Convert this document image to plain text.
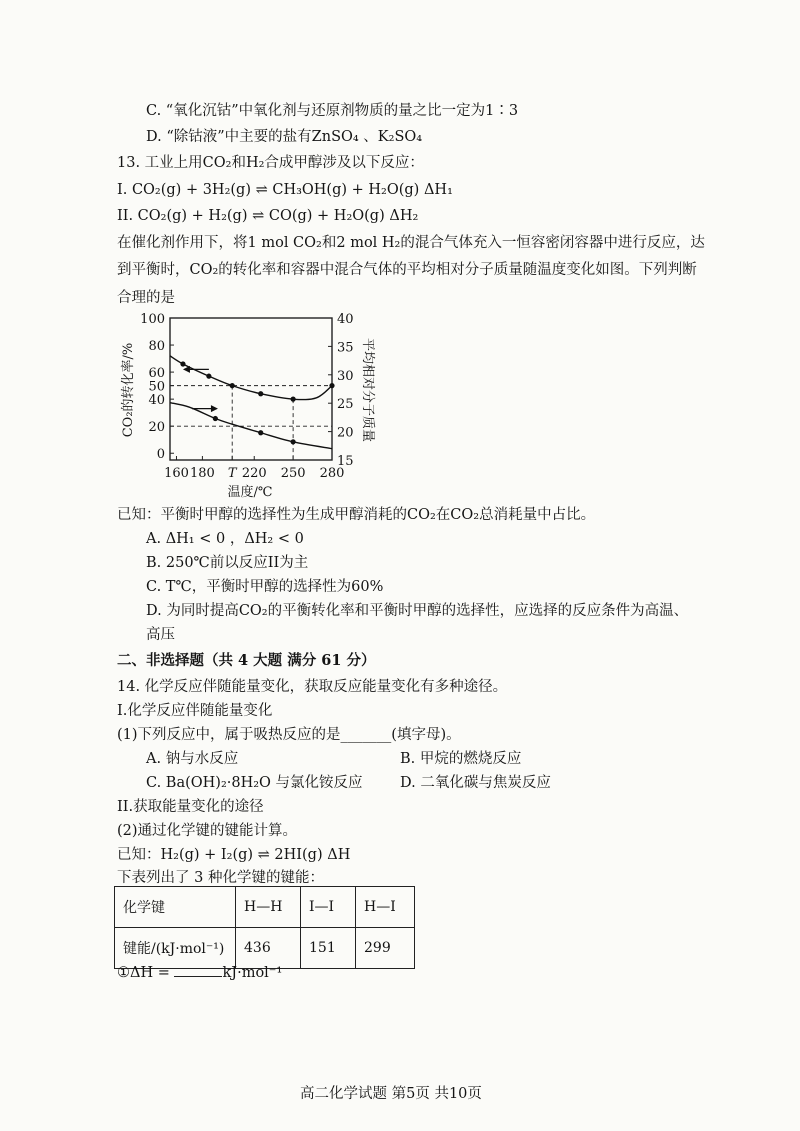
C. “氧化沉钴”中氧化剂与还原剂物质的量之比一定为1∶3
D. “除钴液”中主要的盐有ZnSO₄ 、K₂SO₄
13. 工业上用CO₂和H₂合成甲醇涉及以下反应：
I. CO₂(g) + 3H₂(g) ⇌ CH₃OH(g) + H₂O(g) ΔH₁
II. CO₂(g) + H₂(g) ⇌ CO(g) + H₂O(g) ΔH₂
在催化剂作用下，将1 mol CO₂和2 mol H₂的混合气体充入一恒容密闭容器中进行反应，达
到平衡时，CO₂的转化率和容器中混合气体的平均相对分子质量随温度变化如图。下列判断
合理的是
100
80
60
50
40
20
0
40
35
30
25
20
15
160 180 T 220 250 280
CO₂的转化率/%	平均相对分子质量
温度/℃
已知：平衡时甲醇的选择性为生成甲醇消耗的CO₂在CO₂总消耗量中占比。
A. ΔH₁ < 0 ，ΔH₂ < 0
B. 250℃前以反应II为主
C. T℃，平衡时甲醇的选择性为60%
D. 为同时提高CO₂的平衡转化率和平衡时甲醇的选择性，应选择的反应条件为高温、
高压
二、非选择题（共 4 大题 满分 61 分）
14. 化学反应伴随能量变化，获取反应能量变化有多种途径。
I.化学反应伴随能量变化
(1)下列反应中，属于吸热反应的是_______(填字母)。
A. 钠与水反应	B. 甲烷的燃烧反应
C. Ba(OH)₂·8H₂O 与氯化铵反应	D. 二氧化碳与焦炭反应
II.获取能量变化的途径
(2)通过化学键的键能计算。
已知：H₂(g) + I₂(g) ⇌ 2HI(g) ΔH
下表列出了 3 种化学键的键能：
化学键	H—H	I—I	H—I
键能/(kJ·mol⁻¹)	436	151	299
①ΔH =	kJ·mol⁻¹
高二化学试题 第5页 共10页
